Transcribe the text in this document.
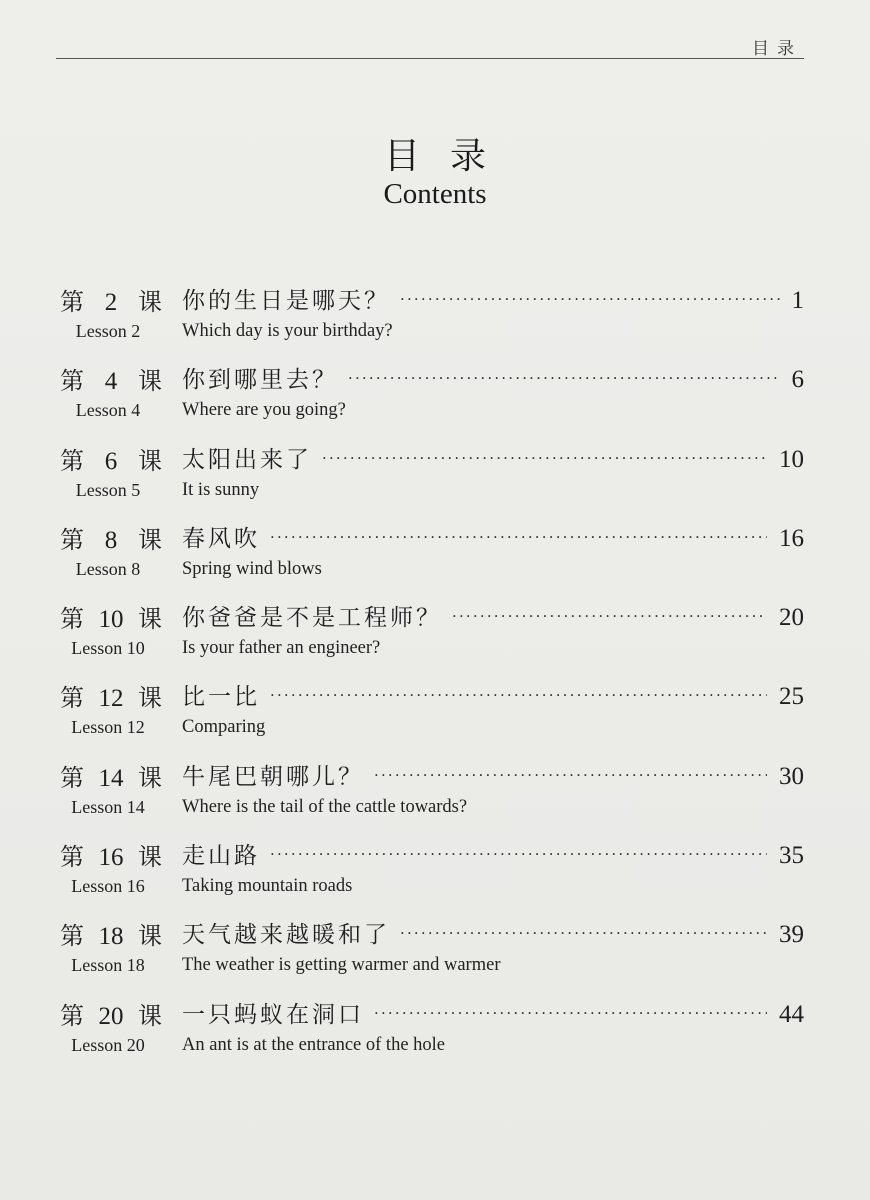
目录
目录
Contents
第 2 课 你的生日是哪天？ ·····	1
Lesson 2	Which day is your birthday?
第 4 课 你到哪里去？ ·····	6
Lesson 4	Where are you going?
第 6 课 太阳出来了 ·····	10
Lesson 5	It is sunny
第 8 课 春风吹 ·····	16
Lesson 8	Spring wind blows
第 10 课 你爸爸是不是工程师？ ·····	20
Lesson 10	Is your father an engineer?
第 12 课 比一比 ·····	25
Lesson 12	Comparing
第 14 课 牛尾巴朝哪儿？ ·····	30
Lesson 14	Where is the tail of the cattle towards?
第 16 课 走山路 ·····	35
Lesson 16	Taking mountain roads
第 18 课 天气越来越暖和了 ·····	39
Lesson 18	The weather is getting warmer and warmer
第 20 课 一只蚂蚁在洞口 ·····	44
Lesson 20	An ant is at the entrance of the hole
